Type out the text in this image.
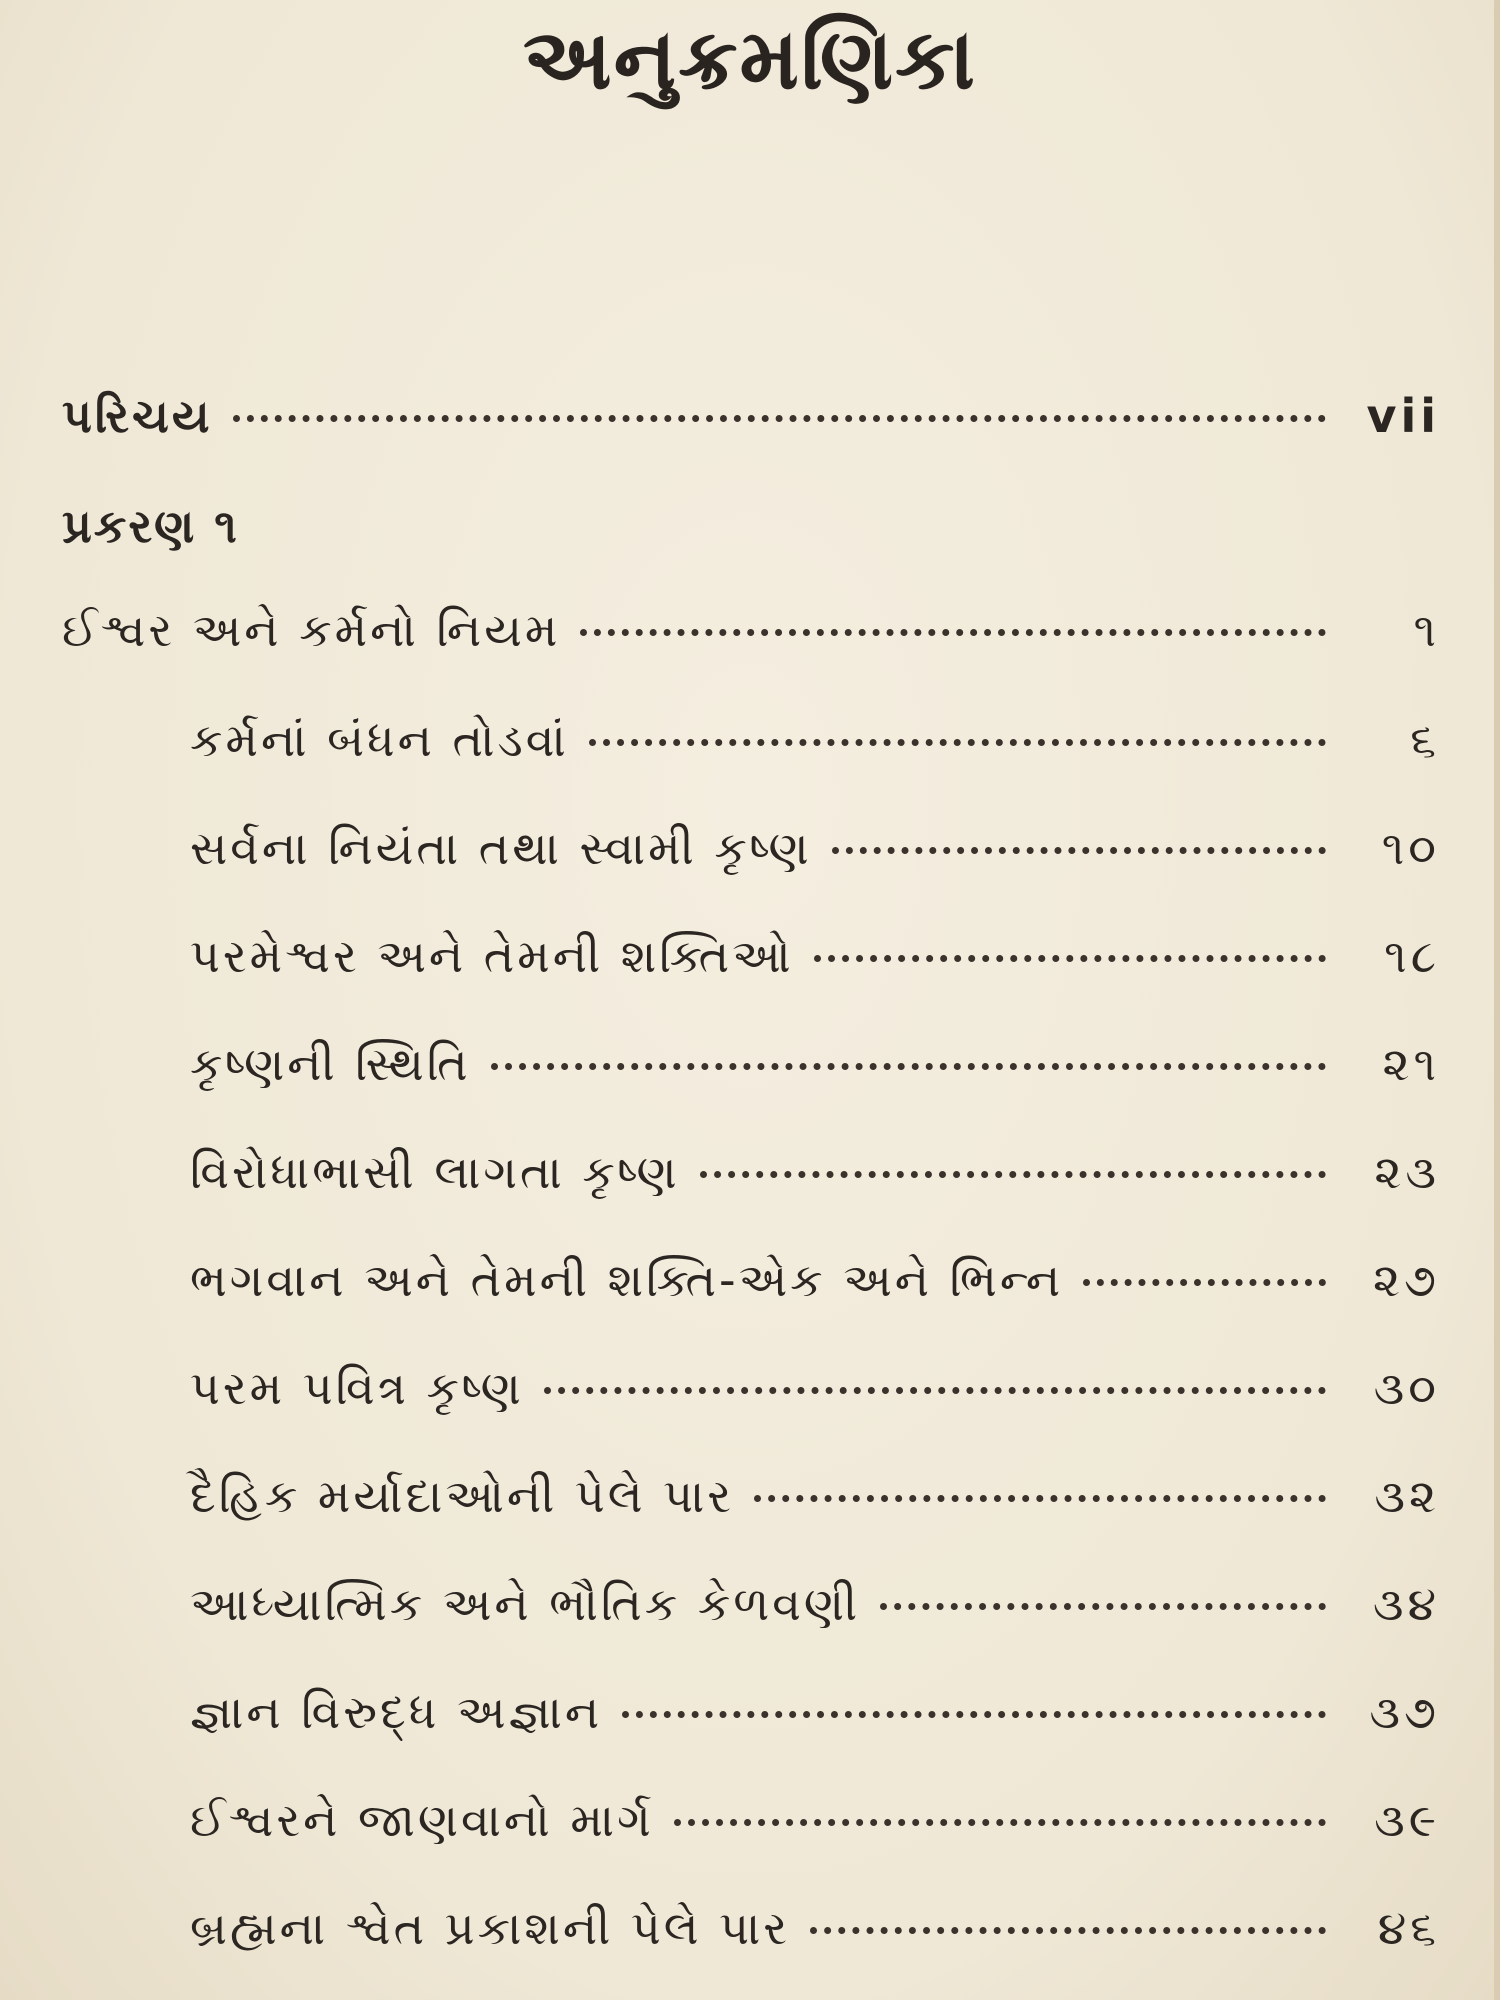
અનુક્રમણિકા
પરિચય	vii
પ્રકરણ ૧
ઈશ્વર અને કર્મનો નિયમ	૧
કર્મનાં બંધન તોડવાં	૬
સર્વના નિયંતા તથા સ્વામી કૃષ્ણ	૧૦
પરમેશ્વર અને તેમની શક્તિઓ	૧૮
કૃષ્ણની સ્થિતિ	૨૧
વિરોધાભાસી લાગતા કૃષ્ણ	૨૩
ભગવાન અને તેમની શક્તિ-એક અને ભિન્ન	૨૭
પરમ પવિત્ર કૃષ્ણ	૩૦
દૈહિક મર્યાદાઓની પેલે પાર	૩૨
આધ્યાત્મિક અને ભૌતિક કેળવણી	૩૪
જ્ઞાન વિરુદ્ધ અજ્ઞાન	૩૭
ઈશ્વરને જાણવાનો માર્ગ	૩૯
બ્રહ્મના શ્વેત પ્રકાશની પેલે પાર	૪૬
